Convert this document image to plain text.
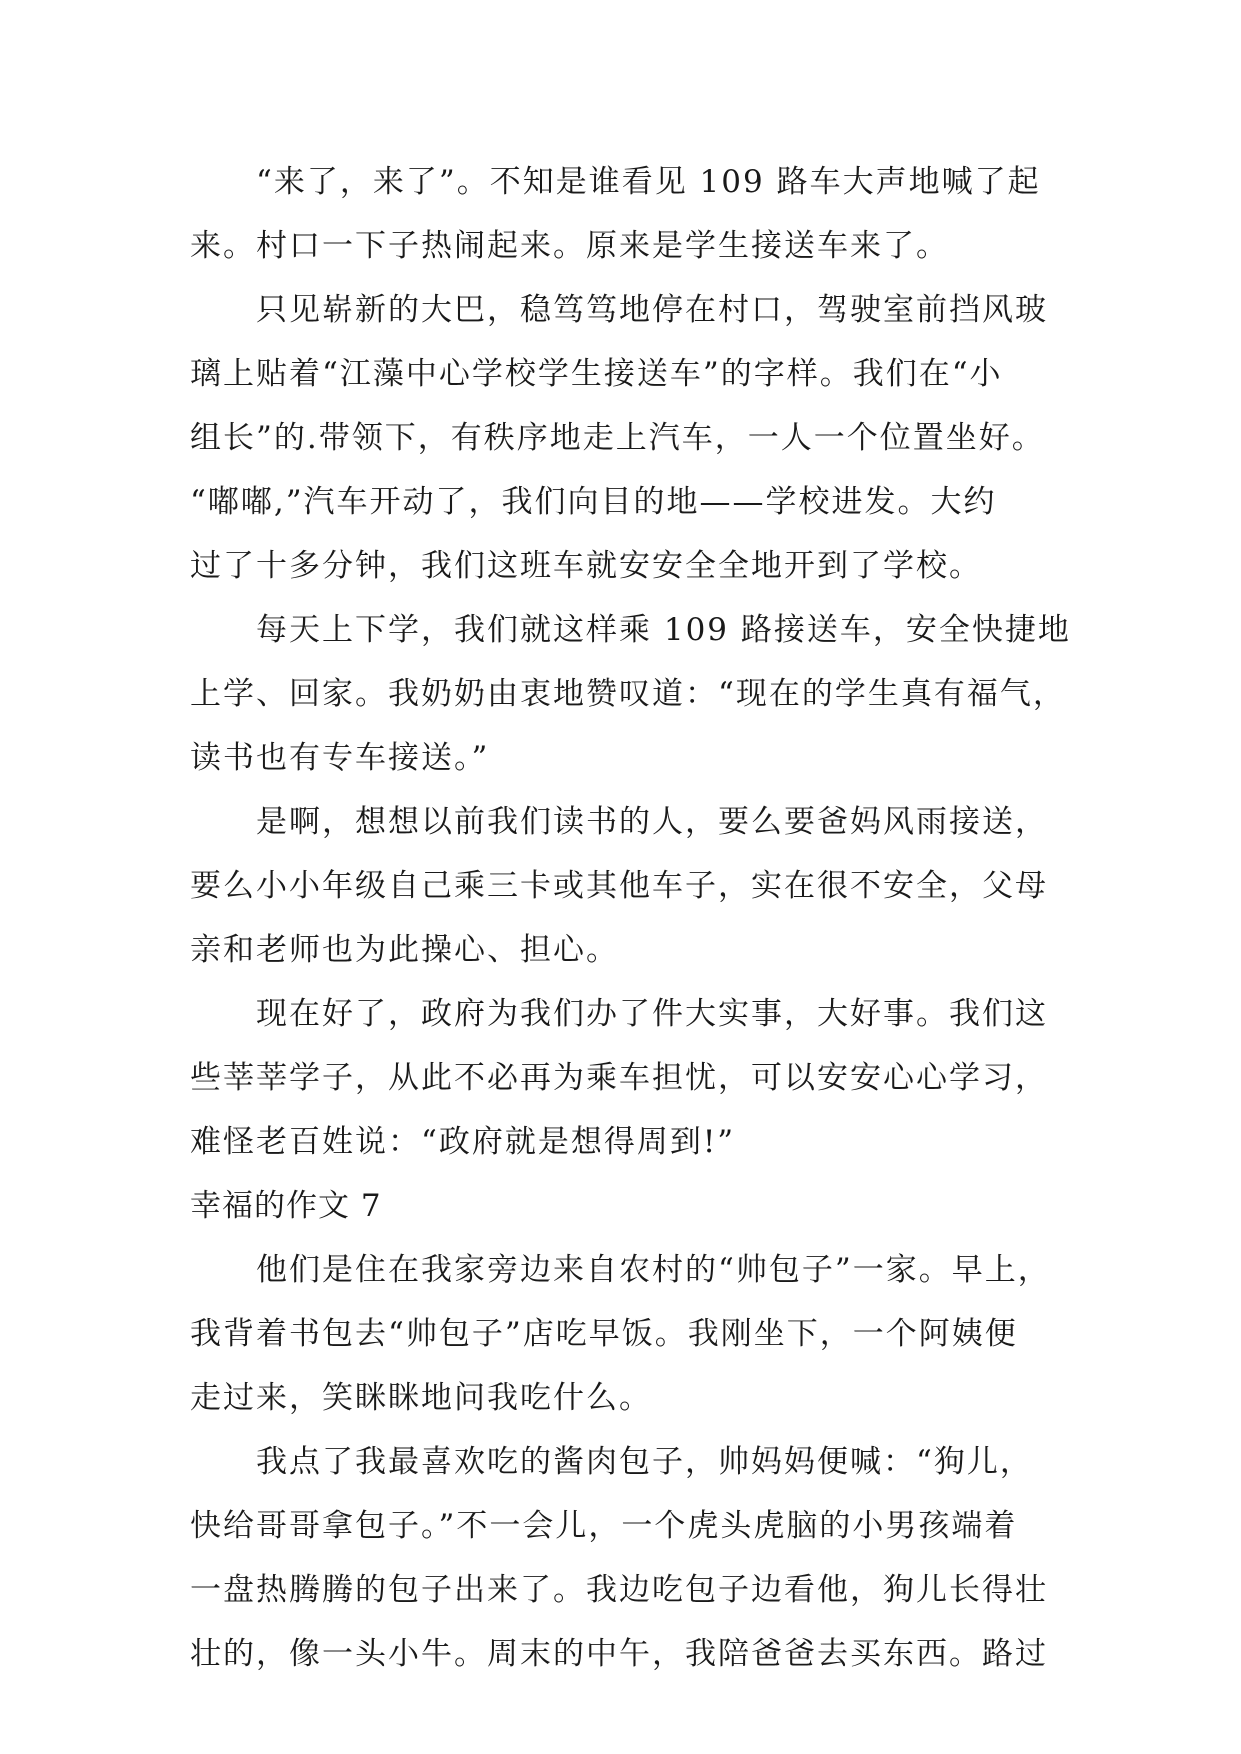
“来了，来了”。不知是谁看见 109 路车大声地喊了起
来。村口一下子热闹起来。原来是学生接送车来了。
只见崭新的大巴，稳笃笃地停在村口，驾驶室前挡风玻
璃上贴着“江藻中心学校学生接送车”的字样。我们在“小
组长”的.带领下，有秩序地走上汽车，一人一个位置坐好。
“嘟嘟,”汽车开动了，我们向目的地——学校进发。大约
过了十多分钟，我们这班车就安安全全地开到了学校。
每天上下学，我们就这样乘 109 路接送车，安全快捷地
上学、回家。我奶奶由衷地赞叹道：“现在的学生真有福气，
读书也有专车接送。”
是啊，想想以前我们读书的人，要么要爸妈风雨接送，
要么小小年级自己乘三卡或其他车子，实在很不安全，父母
亲和老师也为此操心、担心。
现在好了，政府为我们办了件大实事，大好事。我们这
些莘莘学子，从此不必再为乘车担忧，可以安安心心学习，
难怪老百姓说：“政府就是想得周到!”
幸福的作文 7
他们是住在我家旁边来自农村的“帅包子”一家。早上，
我背着书包去“帅包子”店吃早饭。我刚坐下，一个阿姨便
走过来，笑眯眯地问我吃什么。
我点了我最喜欢吃的酱肉包子，帅妈妈便喊：“狗儿，
快给哥哥拿包子。”不一会儿，一个虎头虎脑的小男孩端着
一盘热腾腾的包子出来了。我边吃包子边看他，狗儿长得壮
壮的，像一头小牛。周末的中午，我陪爸爸去买东西。路过
